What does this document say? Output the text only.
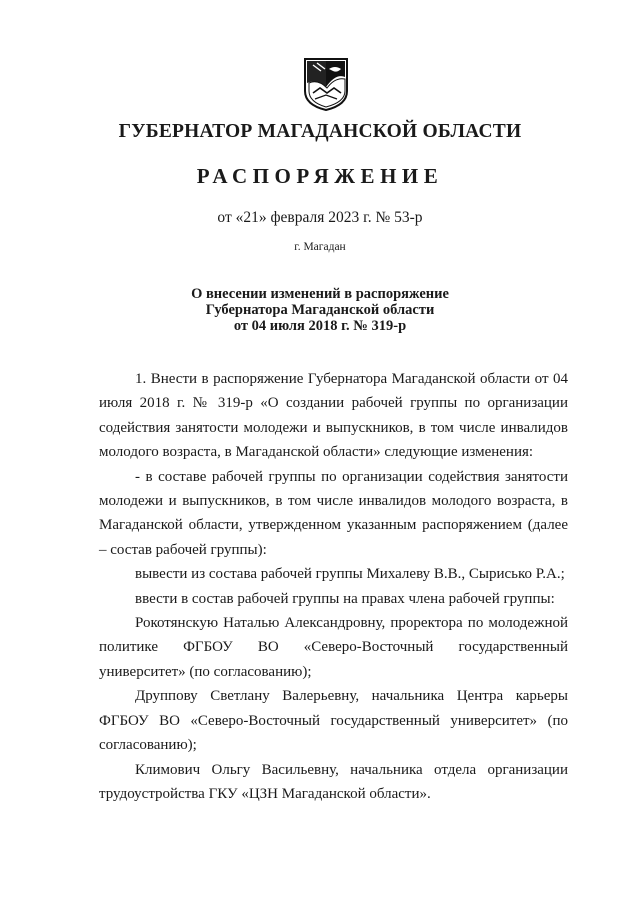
ГУБЕРНАТОР МАГАДАНСКОЙ ОБЛАСТИ
РАСПОРЯЖЕНИЕ
от «21» февраля 2023 г. № 53-р
г. Магадан
О внесении изменений в распоряжение
Губернатора Магаданской области
от 04 июля 2018 г. № 319-р

1. Внести в распоряжение Губернатора Магаданской области от 04 июля 2018 г. № 319-р «О создании рабочей группы по организации содействия занятости молодежи и выпускников, в том числе инвалидов молодого возраста, в Магаданской области» следующие изменения:

- в составе рабочей группы по организации содействия занятости молодежи и выпускников, в том числе инвалидов молодого возраста, в Магаданской области, утвержденном указанным распоряжением (далее – состав рабочей группы):

вывести из состава рабочей группы Михалеву В.В., Сырисько Р.А.;

ввести в состав рабочей группы на правах члена рабочей группы:

Рокотянскую Наталью Александровну, проректора по молодежной политике ФГБОУ ВО «Северо-Восточный государственный университет» (по согласованию);

Друппову Светлану Валерьевну, начальника Центра карьеры ФГБОУ ВО «Северо-Восточный государственный университет» (по согласованию);

Климович Ольгу Васильевну, начальника отдела организации трудоустройства ГКУ «ЦЗН Магаданской области».
